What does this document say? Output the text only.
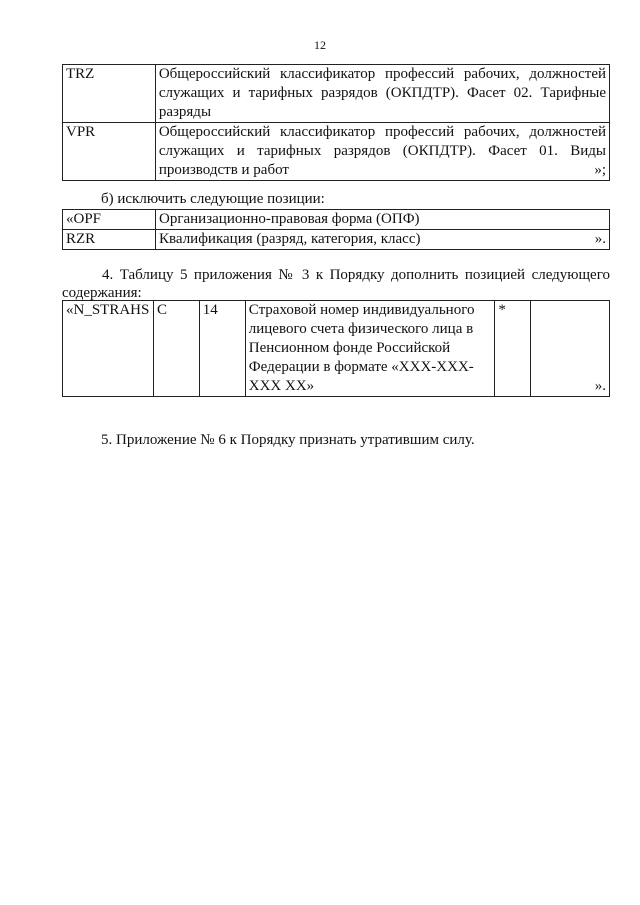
12
TRZ	Общероссийский классификатор профессий рабочих, должностей служащих и тарифных разрядов (ОКПДТР). Фасет 02. Тарифные разряды
VPR	Общероссийский классификатор профессий рабочих, должностей служащих и тарифных разрядов (ОКПДТР). Фасет 01. Виды производств и работ »;

б) исключить следующие позиции:

«OPF	Организационно-правовая форма (ОПФ)
RZR	Квалификация (разряд, категория, класс) ».

4. Таблицу 5 приложения № 3 к Порядку дополнить позицией следующего содержания:

«N_STRAHS	C	14	Страховой номер индивидуального лицевого счета физического лица в Пенсионном фонде Российской Федерации в формате «XXX-XXX-XXX XX»	*	».

5. Приложение № 6 к Порядку признать утратившим силу.
